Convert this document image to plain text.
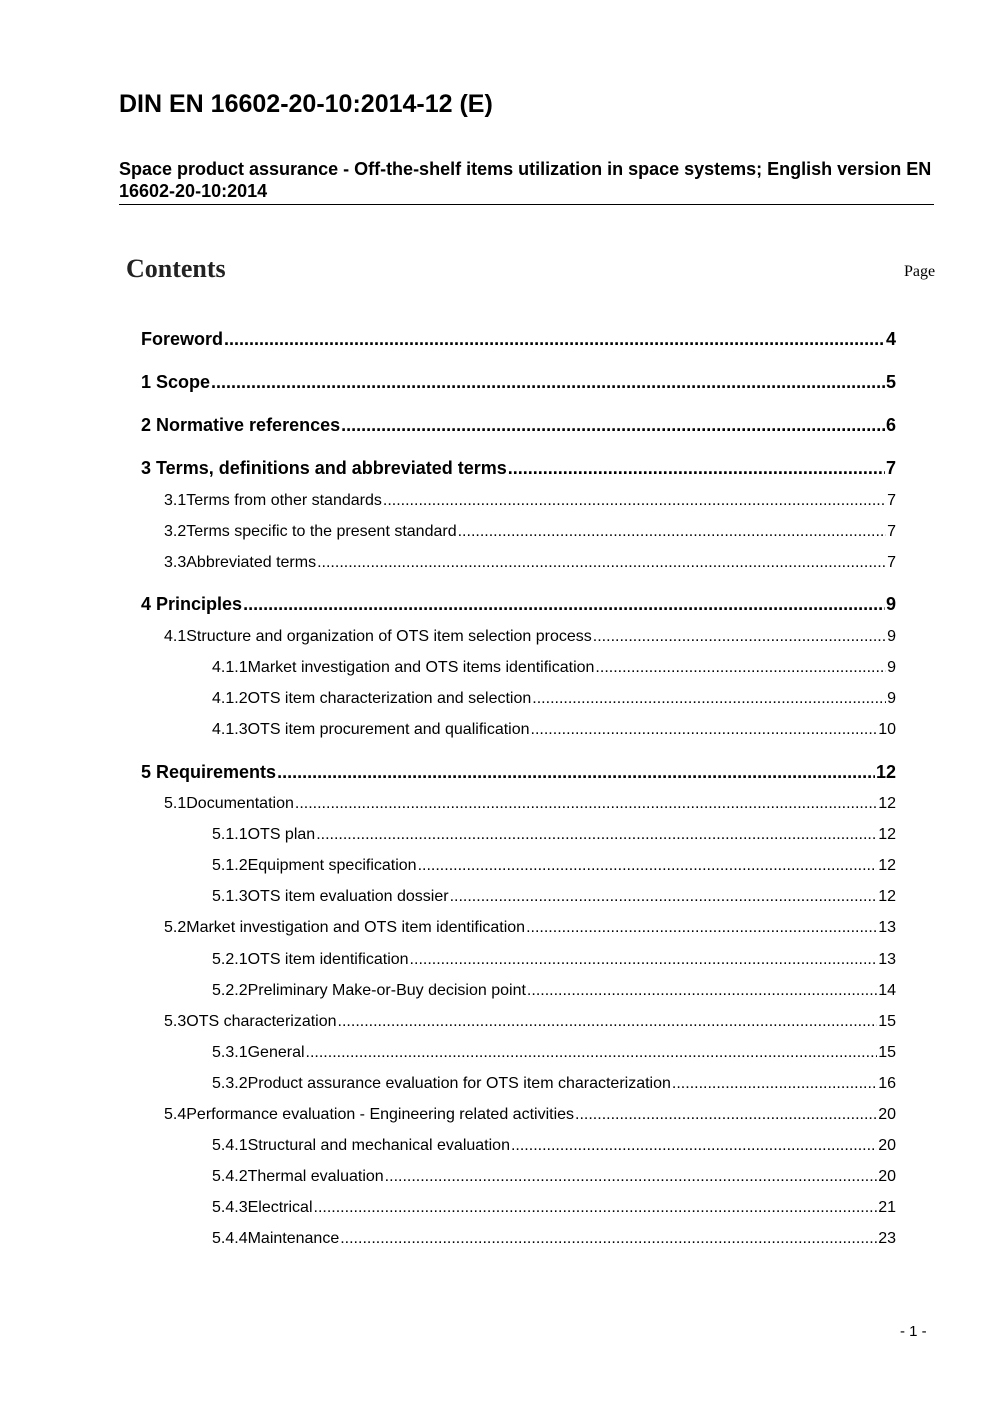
DIN EN 16602-20-10:2014-12 (E)
Space product assurance - Off-the-shelf items utilization in space systems; English version EN 16602-20-10:2014
Contents	Page
Foreword .....	4
1 Scope .....	5
2 Normative references .....	6
3 Terms, definitions and abbreviated terms .....	7
3.1 Terms from other standards .....	7
3.2 Terms specific to the present standard .....	7
3.3 Abbreviated terms .....	7
4 Principles .....	9
4.1 Structure and organization of OTS item selection process .....	9
4.1.1 Market investigation and OTS items identification .....	9
4.1.2 OTS item characterization and selection .....	9
4.1.3 OTS item procurement and qualification .....	10
5 Requirements .....	12
5.1 Documentation .....	12
5.1.1 OTS plan .....	12
5.1.2 Equipment specification .....	12
5.1.3 OTS item evaluation dossier .....	12
5.2 Market investigation and OTS item identification .....	13
5.2.1 OTS item identification .....	13
5.2.2 Preliminary Make-or-Buy decision point .....	14
5.3 OTS characterization .....	15
5.3.1 General .....	15
5.3.2 Product assurance evaluation for OTS item characterization .....	16
5.4 Performance evaluation - Engineering related activities .....	20
5.4.1 Structural and mechanical evaluation .....	20
5.4.2 Thermal evaluation .....	20
5.4.3 Electrical .....	21
5.4.4 Maintenance .....	23
- 1 -
